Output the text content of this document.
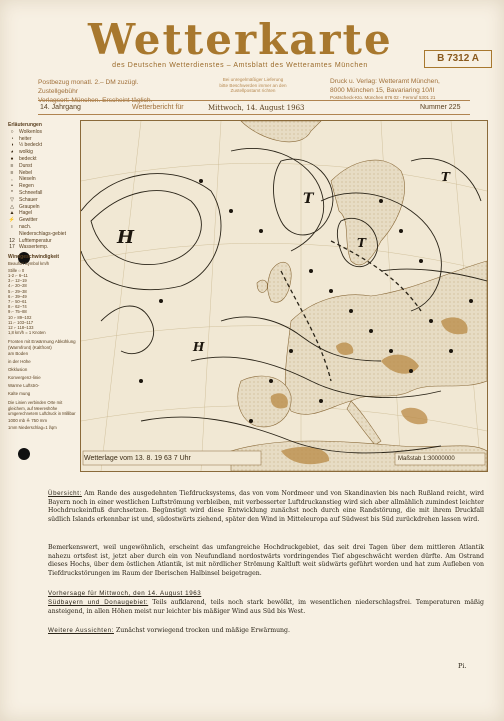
Wetterkarte
des Deutschen Wetterdienstes – Amtsblatt des Wetteramtes München
B 7312 A
Postbezug monatl. 2.– DM zuzügl. Zustellgebühr
Verlagsort: München. Erscheint täglich.
Bei unregelmäßiger Lieferung
bitte Beschwerden immer an den
Zustellpostamt richten
Druck u. Verlag: Wetteramt München,
8000 München 15, Bavariaring 10/II
Postscheck-Kto. München 876 02 · Fernruf 5301 21
14. Jahrgang	Wetterbericht für	Mittwoch, 14. August 1963	Nummer 225
Erläuterungen
○	Wolkenlos
◔	heiter
◑	½ bedeckt
◕	wolkig
●	bedeckt
≡	Dunst
≡	Nebel
,	Nieseln
•	Regen
*	Schneefall
▽	Schauer
△	Graupeln
▲ Hagel
⚡ Gewitter
ı	nach.
Niederschlags-gebiet
12 Lufttemperatur
17 Wassertemp.
Windgeschwindigkeit
Beaufort Symbol km/h
Stille ○ 0
1-2 ⌐ 6–11
3 ⌐ 12–19
4 ⌐ 20–28
5 ⌐ 29–38
6 ⌐ 39–49
7 ⌐ 50–61
8 ⌐ 62–74
9 ⌐ 75–88
10 ⌐ 89–102
11 ⌐ 103–117
12 ⌐ 118–133
1,8 km/h = 1 Knoten
Fronten mit Erwärmung Abkühlung (Warmfront) (Kaltfront)
am Boden
in der Höhe
Okklusion
Konvergenz-linie
Warme Luftströ-
Kalte mung
Die Linien verbinden Orte mit gleichem, auf Meereshöhe umgerechnetem Luftdruck in Millibar
1000 mb ≙ 750 mm
1mm Niederschlag=1 l/qm
H
T
T
H
T
Wetterlage vom 13. 8. 19 63 7 Uhr	Maßstab 1:30000000
Übersicht: Am Rande des ausgedehnten Tiefdrucksystems, das von vom Nordmeer und von Skandinavien bis nach Rußland reicht, wird Bayern noch in einer westlichen Luftströmung verbleiben, mit verbesserter Luftdruckanstieg wird sich aber allmählich zumindest leichter Hochdruckeinfluß durchsetzen. Begünstigt wird diese Entwicklung zunächst noch durch eine Randstörung, die mit ihrem Druckfall südlich Islands erkennbar ist und, südostwärts ziehend, später den Wind in Mitteleuropa auf Südwest bis Süd zurückdrehen lassen wird.
Bemerkenswert, weil ungewöhnlich, erscheint das umfangreiche Hochdruckgebiet, das seit drei Tagen über dem mittleren Atlantik nahezu ortsfest ist, jetzt aber durch ein von Neufundland nordostwärts vordringendes Tief abgeschwächt werden dürfte. Am Ostrand dieses Hochs, über dem östlichen Atlantik, ist mit nördlicher Strömung Kaltluft weit südwärts geführt worden und hat zum Aufleben von Tiefdruckstörungen im Raum der Iberischen Halbinsel beigetragen.
Vorhersage für Mittwoch, den 14. August 1963
Südbayern und Donaugebiet: Teils aufklarend, teils noch stark bewölkt, im wesentlichen niederschlagsfrei. Temperaturen mäßig ansteigend, in allen Höhen meist nur leichter bis mäßiger Wind aus Süd bis West.
Weitere Aussichten: Zunächst vorwiegend trocken und mäßige Erwärmung.
Pi.
